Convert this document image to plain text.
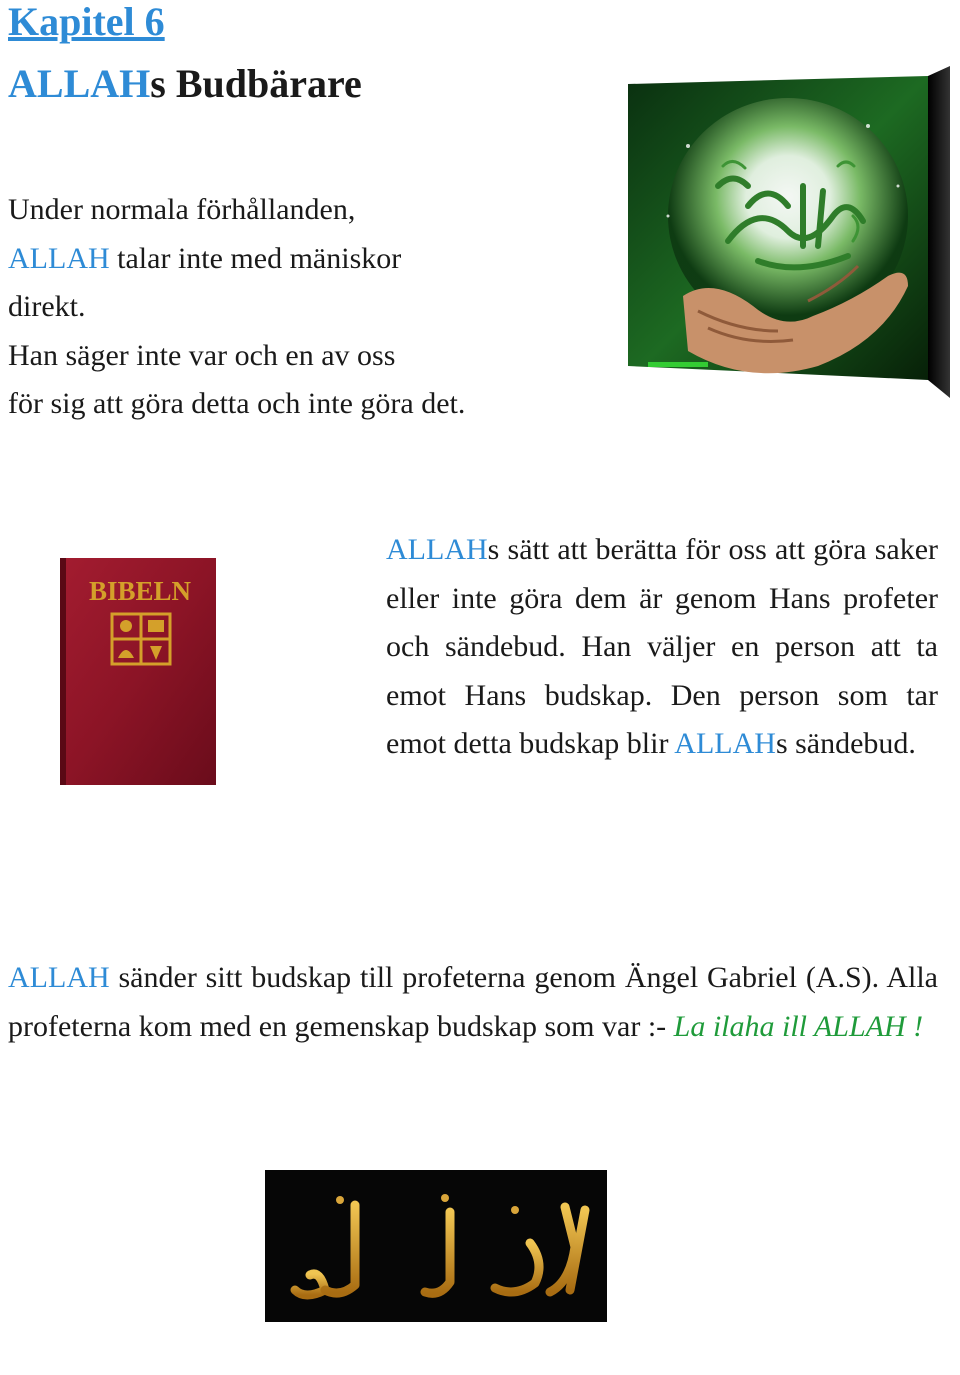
Kapitel 6
ALLAHs Budbärare

Under normala förhållanden,
ALLAH talar inte med mäniskor
direkt.
Han säger inte var och en av oss
för sig att göra detta och inte göra det.

ALLAHs sätt att berätta för oss att göra saker eller inte göra dem är genom Hans profeter och sändebud. Han väljer en person att ta emot Hans budskap. Den person som tar emot detta budskap blir ALLAHs sändebud.

BIBELN

ALLAH sänder sitt budskap till profeterna genom Ängel Gabriel (A.S). Alla profeterna kom med en gemenskap budskap som var :- La ilaha ill ALLAH !
